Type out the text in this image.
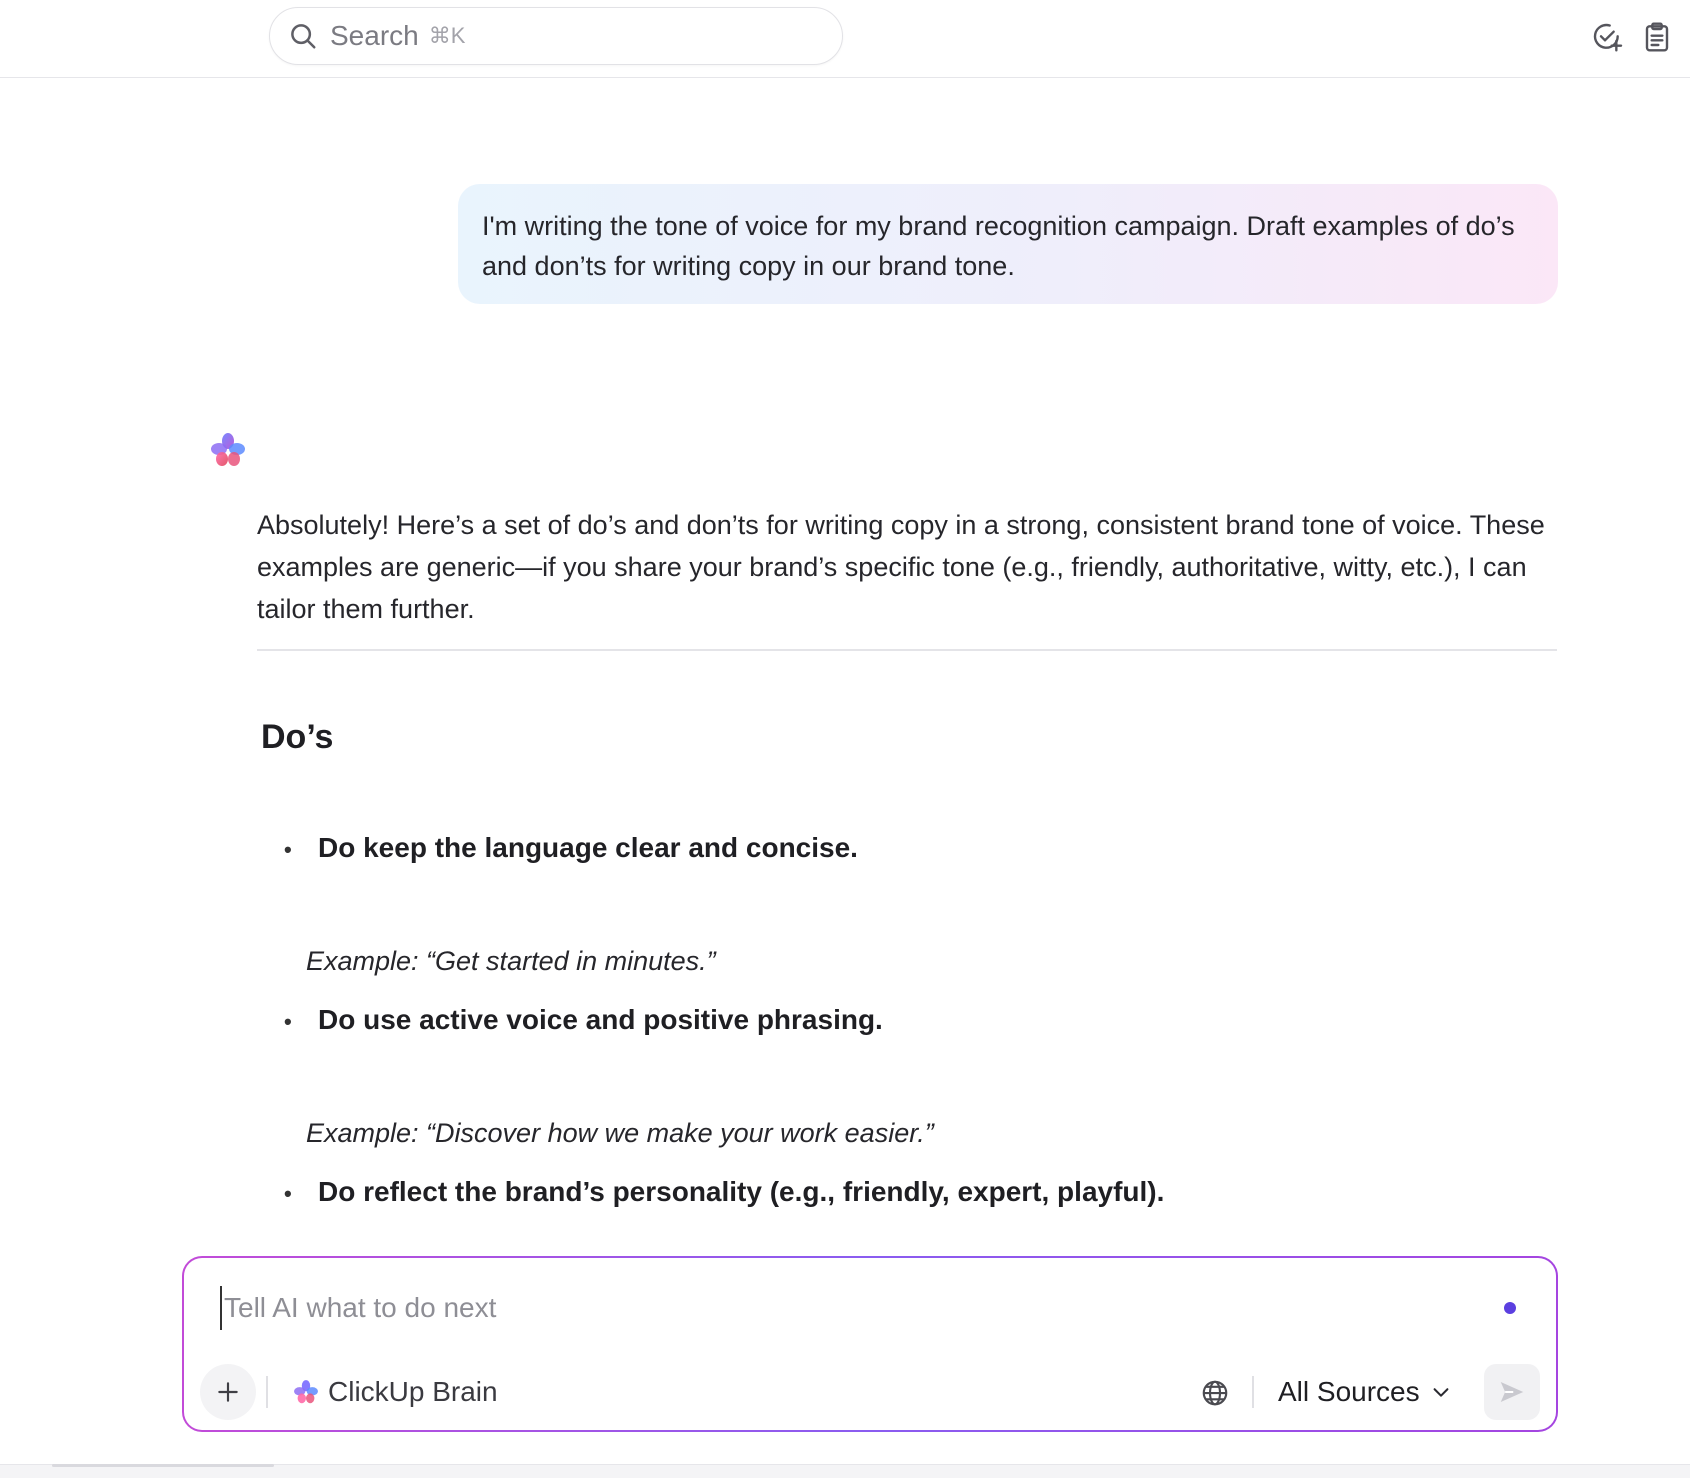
Search ⌘K
I'm writing the tone of voice for my brand recognition campaign. Draft examples of do’s and don’ts for writing copy in our brand tone.
Absolutely! Here’s a set of do’s and don’ts for writing copy in a strong, consistent brand tone of voice. These examples are generic—if you share your brand’s specific tone (e.g., friendly, authoritative, witty, etc.), I can tailor them further.
Do’s
• Do keep the language clear and concise.
Example: “Get started in minutes.”
• Do use active voice and positive phrasing.
Example: “Discover how we make your work easier.”
• Do reflect the brand’s personality (e.g., friendly, expert, playful).
Tell AI what to do next
ClickUp Brain	All Sources
